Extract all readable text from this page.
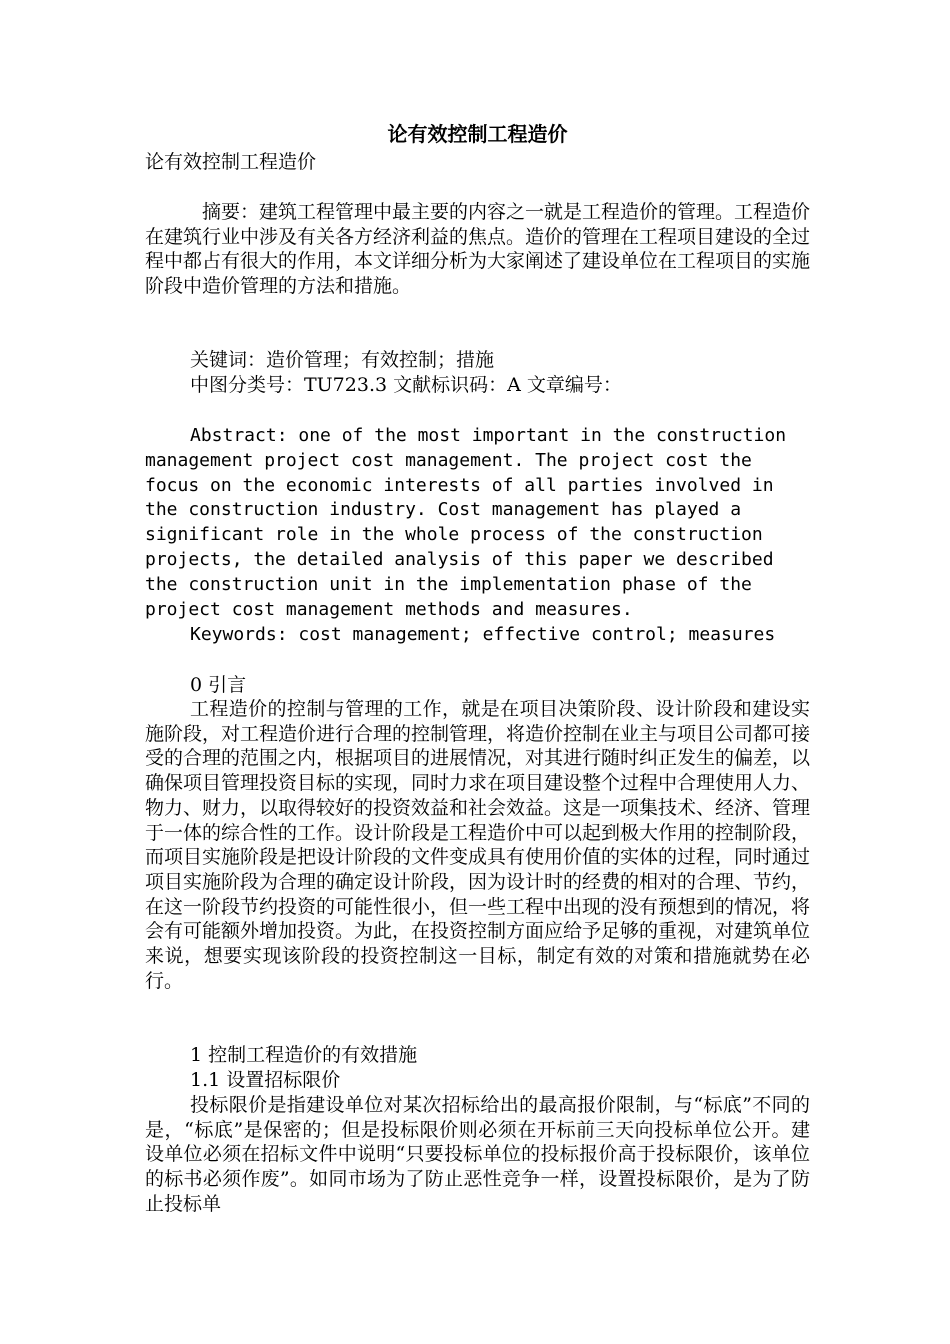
论有效控制工程造价
论有效控制工程造价

摘要：建筑工程管理中最主要的内容之一就是工程造价的管理。工程造价在建筑行业中涉及有关各方经济利益的焦点。造价的管理在工程项目建设的全过程中都占有很大的作用，本文详细分析为大家阐述了建设单位在工程项目的实施阶段中造价管理的方法和措施。

关键词：造价管理；有效控制；措施

中图分类号：TU723.3 文献标识码：A 文章编号：

Abstract: one of the most important in the construction management project cost management. The project cost the focus on the economic interests of all parties involved in the construction industry. Cost management has played a significant role in the whole process of the construction projects, the detailed analysis of this paper we described the construction unit in the implementation phase of the project cost management methods and measures.

Keywords: cost management; effective control; measures

0 引言

工程造价的控制与管理的工作，就是在项目决策阶段、设计阶段和建设实施阶段，对工程造价进行合理的控制管理，将造价控制在业主与项目公司都可接受的合理的范围之内，根据项目的进展情况，对其进行随时纠正发生的偏差，以确保项目管理投资目标的实现，同时力求在项目建设整个过程中合理使用人力、物力、财力，以取得较好的投资效益和社会效益。这是一项集技术、经济、管理于一体的综合性的工作。设计阶段是工程造价中可以起到极大作用的控制阶段，而项目实施阶段是把设计阶段的文件变成具有使用价值的实体的过程，同时通过项目实施阶段为合理的确定设计阶段，因为设计时的经费的相对的合理、节约，在这一阶段节约投资的可能性很小，但一些工程中出现的没有预想到的情况，将会有可能额外增加投资。为此，在投资控制方面应给予足够的重视，对建筑单位来说，想要实现该阶段的投资控制这一目标，制定有效的对策和措施就势在必行。

1 控制工程造价的有效措施

1.1 设置招标限价

投标限价是指建设单位对某次招标给出的最高报价限制，与“标底”不同的是，“标底”是保密的；但是投标限价则必须在开标前三天向投标单位公开。建设单位必须在招标文件中说明“只要投标单位的投标报价高于投标限价，该单位的标书必须作废”。如同市场为了防止恶性竞争一样，设置投标限价，是为了防止投标单
